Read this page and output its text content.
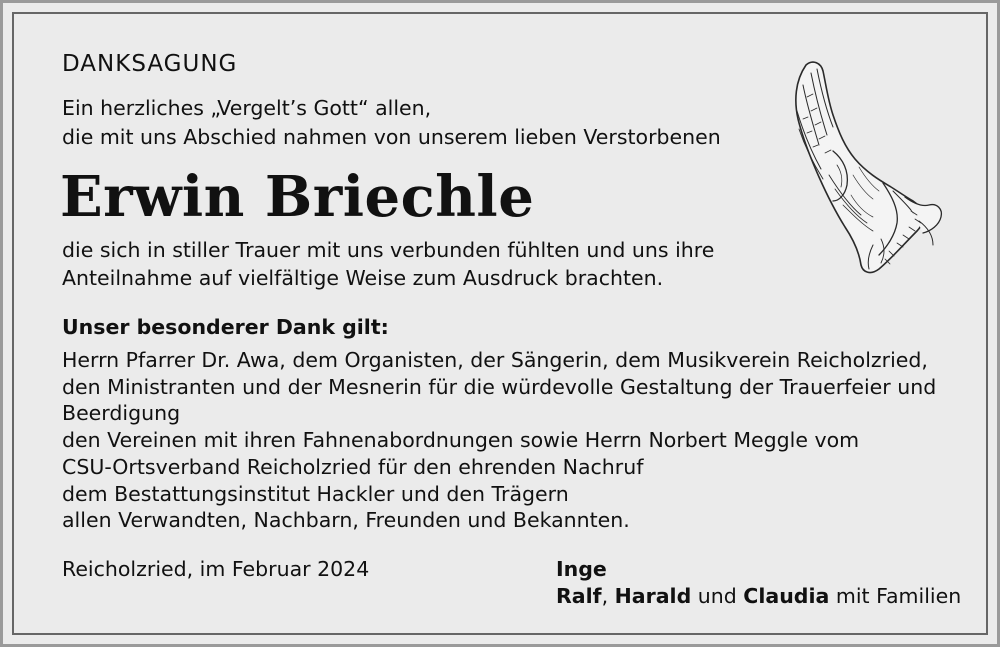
DANKSAGUNG
Ein herzliches „Vergelt’s Gott“ allen,
die mit uns Abschied nahmen von unserem lieben Verstorbenen
Erwin Briechle
die sich in stiller Trauer mit uns verbunden fühlten und uns ihre
Anteilnahme auf vielfältige Weise zum Ausdruck brachten.
Unser besonderer Dank gilt:
Herrn Pfarrer Dr. Awa, dem Organisten, der Sängerin, dem Musikverein Reicholzried,
den Ministranten und der Mesnerin für die würdevolle Gestaltung der Trauerfeier und
Beerdigung
den Vereinen mit ihren Fahnenabordnungen sowie Herrn Norbert Meggle vom
CSU-Ortsverband Reicholzried für den ehrenden Nachruf
dem Bestattungsinstitut Hackler und den Trägern
allen Verwandten, Nachbarn, Freunden und Bekannten.
Reicholzried, im Februar 2024	Inge
Ralf, Harald und Claudia mit Familien
